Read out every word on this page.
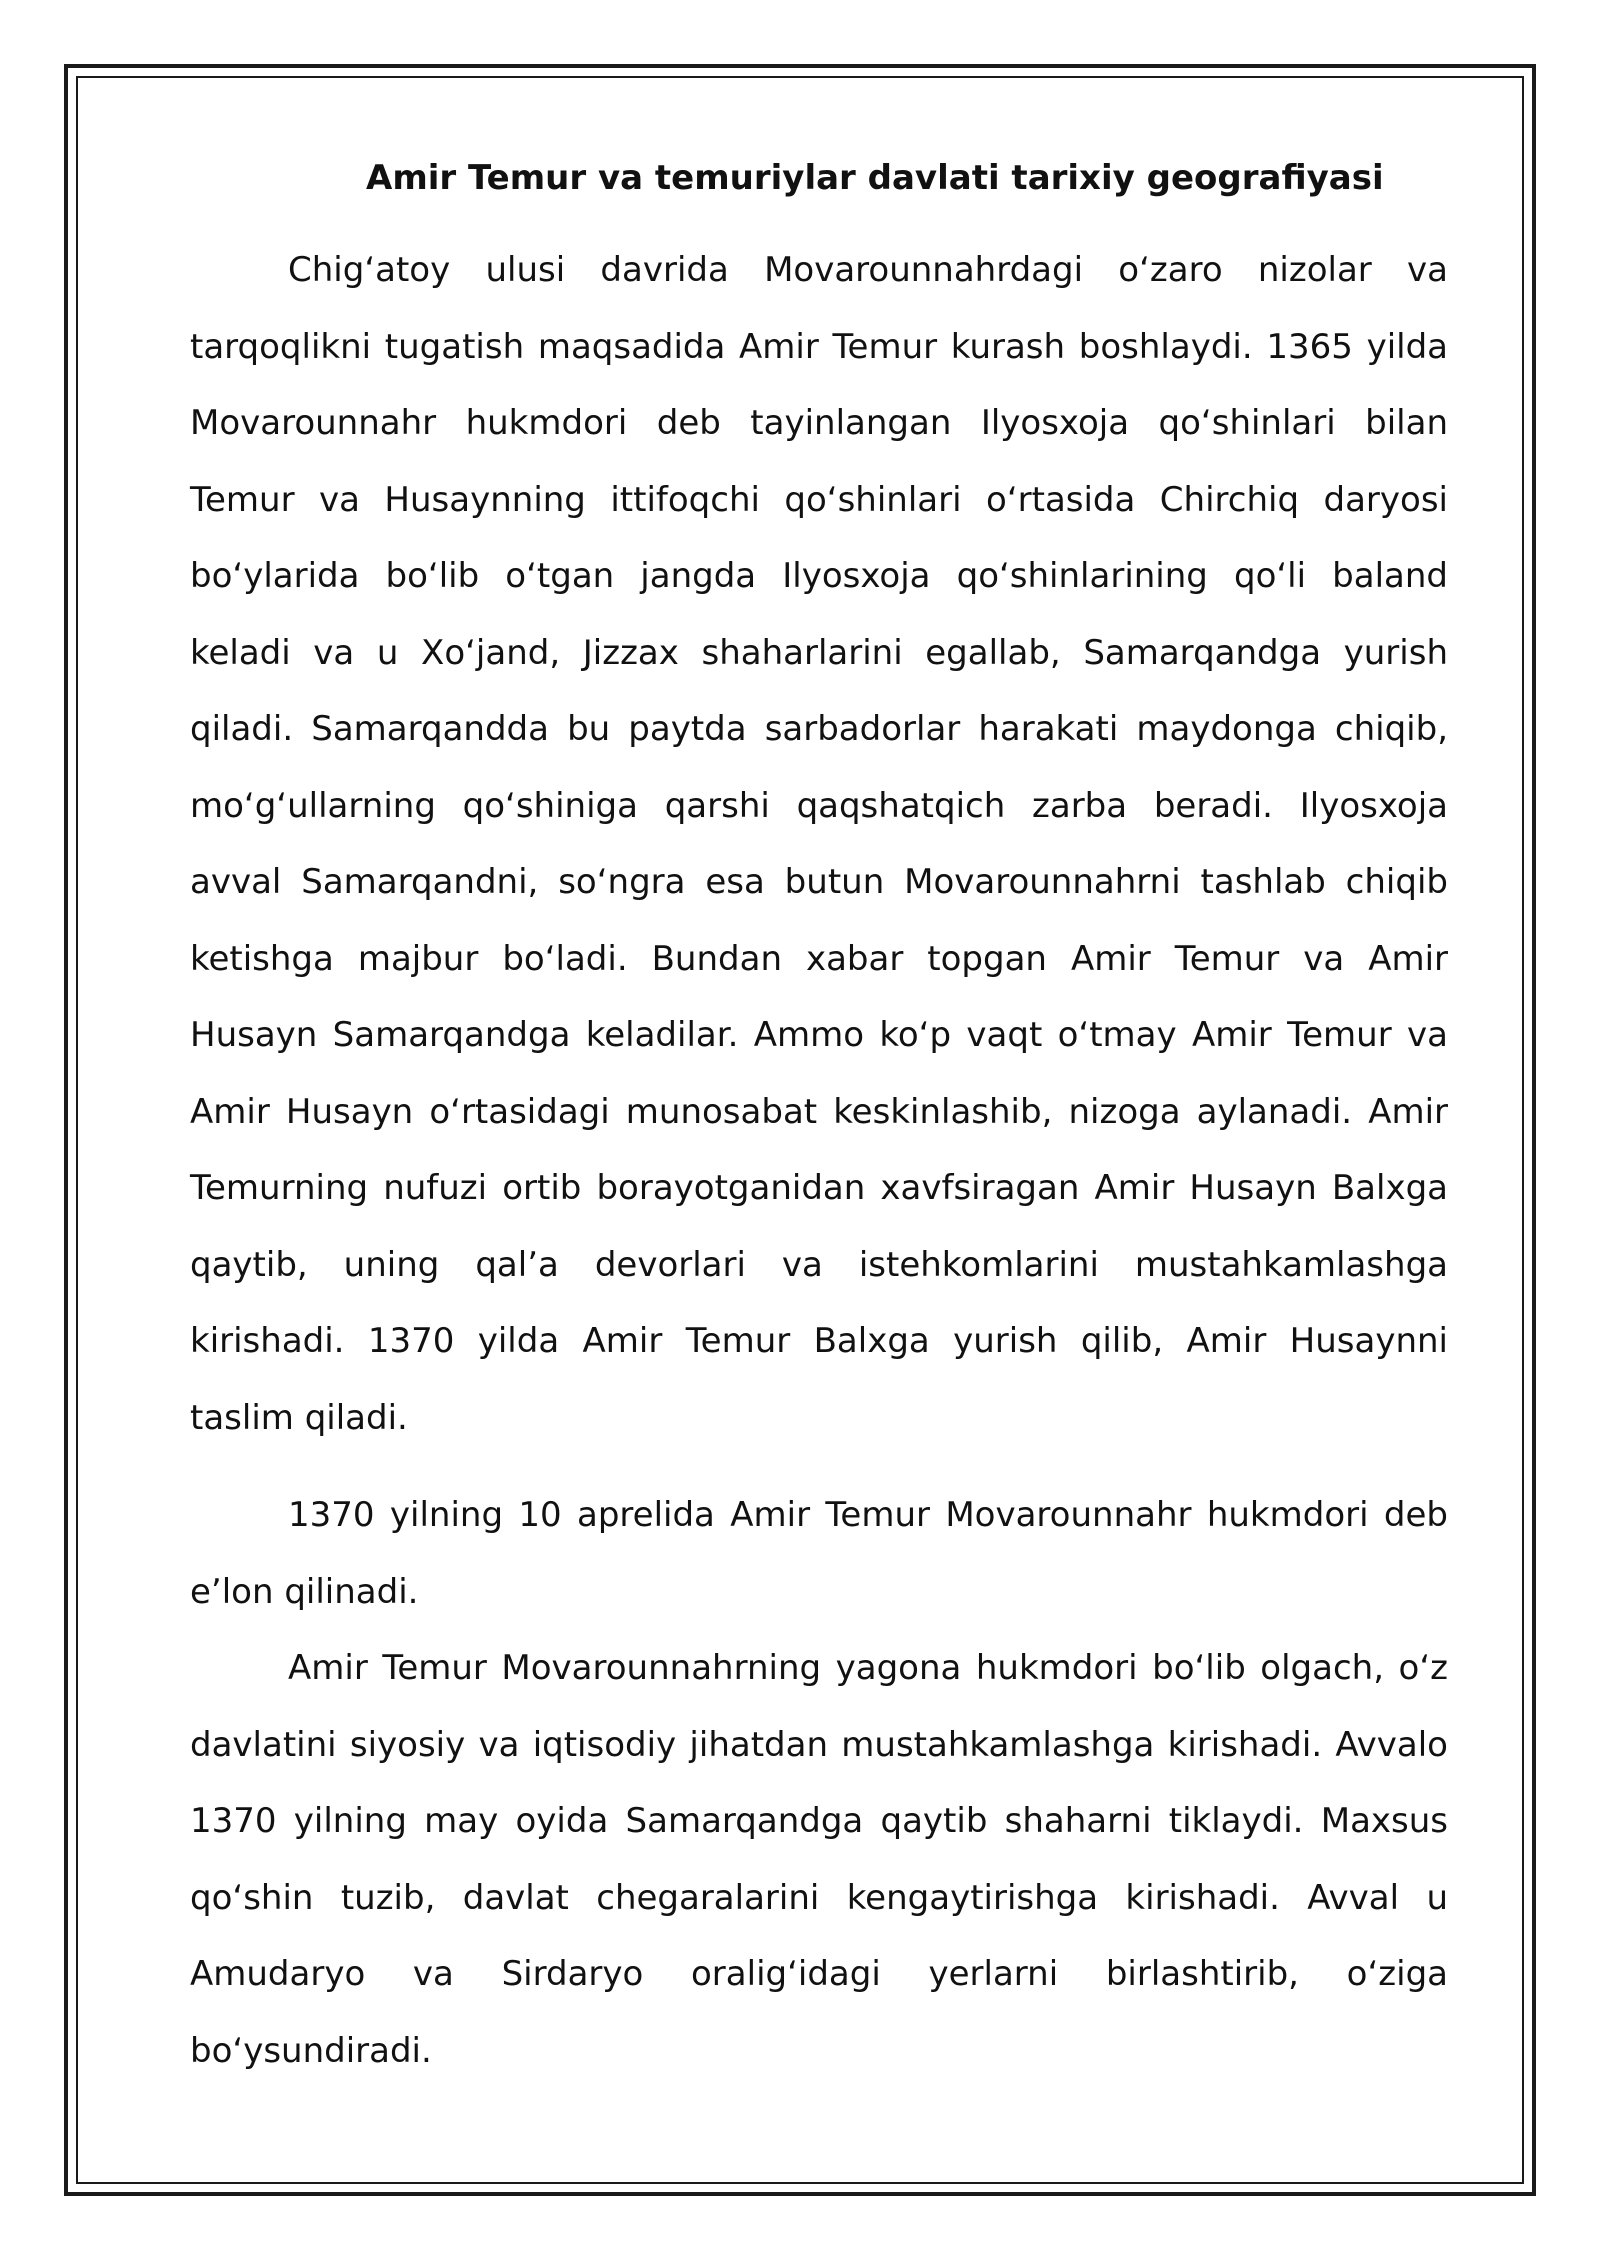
Amir Temur va temuriylar davlati tarixiy geografiyasi

Chig‘atoy ulusi davrida Movarounnahrdagi o‘zaro nizolar va tarqoqlikni tugatish maqsadida Amir Temur kurash boshlaydi. 1365 yilda Movarounnahr hukmdori deb tayinlangan Ilyosxoja qo‘shinlari bilan Temur va Husaynning ittifoqchi qo‘shinlari o‘rtasida Chirchiq daryosi bo‘ylarida bo‘lib o‘tgan jangda Ilyosxoja qo‘shinlarining qo‘li baland keladi va u Xo‘jand, Jizzax shaharlarini egallab, Samarqandga yurish qiladi. Samarqandda bu paytda sarbadorlar harakati maydonga chiqib, mo‘g‘ullarning qo‘shiniga qarshi qaqshatqich zarba beradi. Ilyosxoja avval Samarqandni, so‘ngra esa butun Movarounnahrni tashlab chiqib ketishga majbur bo‘ladi. Bundan xabar topgan Amir Temur va Amir Husayn Samarqandga keladilar. Ammo ko‘p vaqt o‘tmay Amir Temur va Amir Husayn o‘rtasidagi munosabat keskinlashib, nizoga aylanadi. Amir Temurning nufuzi ortib borayotganidan xavfsiragan Amir Husayn Balxga qaytib, uning qal’a devorlari va istehkomlarini mustahkamlashga kirishadi. 1370 yilda Amir Temur Balxga yurish qilib, Amir Husaynni taslim qiladi.

1370 yilning 10 aprelida Amir Temur Movarounnahr hukmdori deb e’lon qilinadi.

Amir Temur Movarounnahrning yagona hukmdori bo‘lib olgach, o‘z davlatini siyosiy va iqtisodiy jihatdan mustahkamlashga kirishadi. Avvalo 1370 yilning may oyida Samarqandga qaytib shaharni tiklaydi. Maxsus qo‘shin tuzib, davlat chegaralarini kengaytirishga kirishadi. Avval u Amudaryo va Sirdaryo oralig‘idagi yerlarni birlashtirib, o‘ziga bo‘ysundiradi.
